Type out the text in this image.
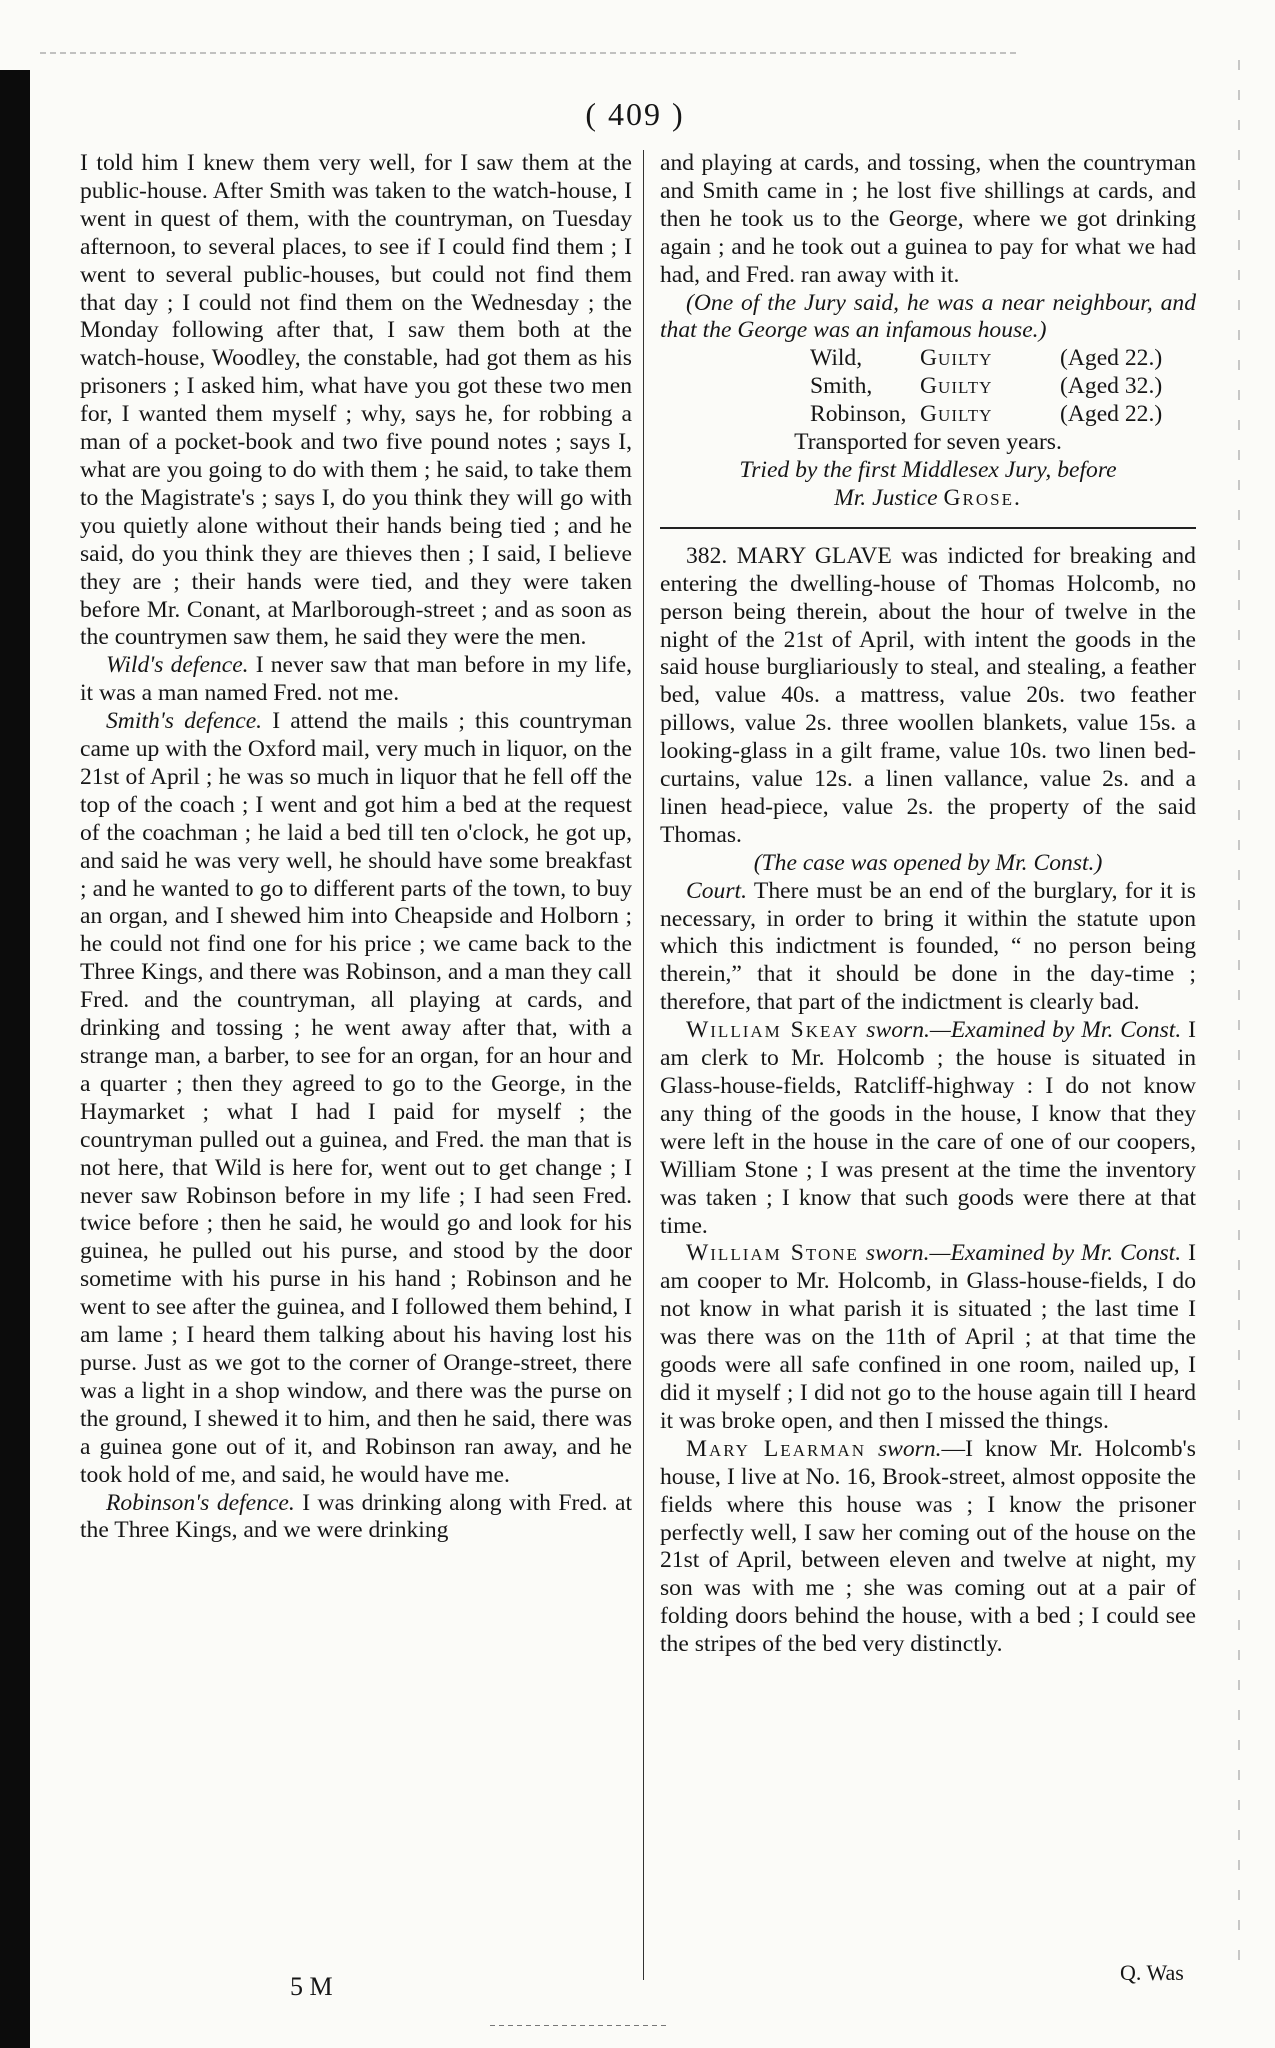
( 409 )

I told him I knew them very well, for I saw them at the public-house. After Smith was taken to the watch-house, I went in quest of them, with the countryman, on Tuesday afternoon, to several places, to see if I could find them ; I went to several public-houses, but could not find them that day ; I could not find them on the Wednesday ; the Monday following after that, I saw them both at the watch-house, Woodley, the constable, had got them as his prisoners ; I asked him, what have you got these two men for, I wanted them myself ; why, says he, for robbing a man of a pocket-book and two five pound notes ; says I, what are you going to do with them ; he said, to take them to the Magistrate's ; says I, do you think they will go with you quietly alone without their hands being tied ; and he said, do you think they are thieves then ; I said, I believe they are ; their hands were tied, and they were taken before Mr. Conant, at Marlborough-street ; and as soon as the countrymen saw them, he said they were the men.

Wild's defence. I never saw that man before in my life, it was a man named Fred. not me.

Smith's defence. I attend the mails ; this countryman came up with the Oxford mail, very much in liquor, on the 21st of April ; he was so much in liquor that he fell off the top of the coach ; I went and got him a bed at the request of the coachman ; he laid a bed till ten o'clock, he got up, and said he was very well, he should have some breakfast ; and he wanted to go to different parts of the town, to buy an organ, and I shewed him into Cheapside and Holborn ; he could not find one for his price ; we came back to the Three Kings, and there was Robinson, and a man they call Fred. and the countryman, all playing at cards, and drinking and tossing ; he went away after that, with a strange man, a barber, to see for an organ, for an hour and a quarter ; then they agreed to go to the George, in the Haymarket ; what I had I paid for myself ; the countryman pulled out a guinea, and Fred. the man that is not here, that Wild is here for, went out to get change ; I never saw Robinson before in my life ; I had seen Fred. twice before ; then he said, he would go and look for his guinea, he pulled out his purse, and stood by the door sometime with his purse in his hand ; Robinson and he went to see after the guinea, and I followed them behind, I am lame ; I heard them talking about his having lost his purse. Just as we got to the corner of Orange-street, there was a light in a shop window, and there was the purse on the ground, I shewed it to him, and then he said, there was a guinea gone out of it, and Robinson ran away, and he took hold of me, and said, he would have me.

Robinson's defence. I was drinking along with Fred. at the Three Kings, and we were drinking

and playing at cards, and tossing, when the countryman and Smith came in ; he lost five shillings at cards, and then he took us to the George, where we got drinking again ; and he took out a guinea to pay for what we had had, and Fred. ran away with it.

(One of the Jury said, he was a near neighbour, and that the George was an infamous house.)

Wild,	Guilty	(Aged 22.)
Smith,	Guilty	(Aged 32.)
Robinson, Guilty	(Aged 22.)

Transported for seven years.

Tried by the first Middlesex Jury, before

Mr. Justice Grose.

382. MARY GLAVE was indicted for breaking and entering the dwelling-house of Thomas Holcomb, no person being therein, about the hour of twelve in the night of the 21st of April, with intent the goods in the said house burgliariously to steal, and stealing, a feather bed, value 40s. a mattress, value 20s. two feather pillows, value 2s. three woollen blankets, value 15s. a looking-glass in a gilt frame, value 10s. two linen bed-curtains, value 12s. a linen vallance, value 2s. and a linen head-piece, value 2s. the property of the said Thomas.

(The case was opened by Mr. Const.)

Court. There must be an end of the burglary, for it is necessary, in order to bring it within the statute upon which this indictment is founded, “ no person being therein,” that it should be done in the day-time ; therefore, that part of the indictment is clearly bad.

William Skeay sworn.—Examined by Mr. Const. I am clerk to Mr. Holcomb ; the house is situated in Glass-house-fields, Ratcliff-highway : I do not know any thing of the goods in the house, I know that they were left in the house in the care of one of our coopers, William Stone ; I was present at the time the inventory was taken ; I know that such goods were there at that time.

William Stone sworn.—Examined by Mr. Const. I am cooper to Mr. Holcomb, in Glass-house-fields, I do not know in what parish it is situated ; the last time I was there was on the 11th of April ; at that time the goods were all safe confined in one room, nailed up, I did it myself ; I did not go to the house again till I heard it was broke open, and then I missed the things.

Mary Learman sworn.—I know Mr. Holcomb's house, I live at No. 16, Brook-street, almost opposite the fields where this house was ; I know the prisoner perfectly well, I saw her coming out of the house on the 21st of April, between eleven and twelve at night, my son was with me ; she was coming out at a pair of folding doors behind the house, with a bed ; I could see the stripes of the bed very distinctly.

5 M	Q. Was
